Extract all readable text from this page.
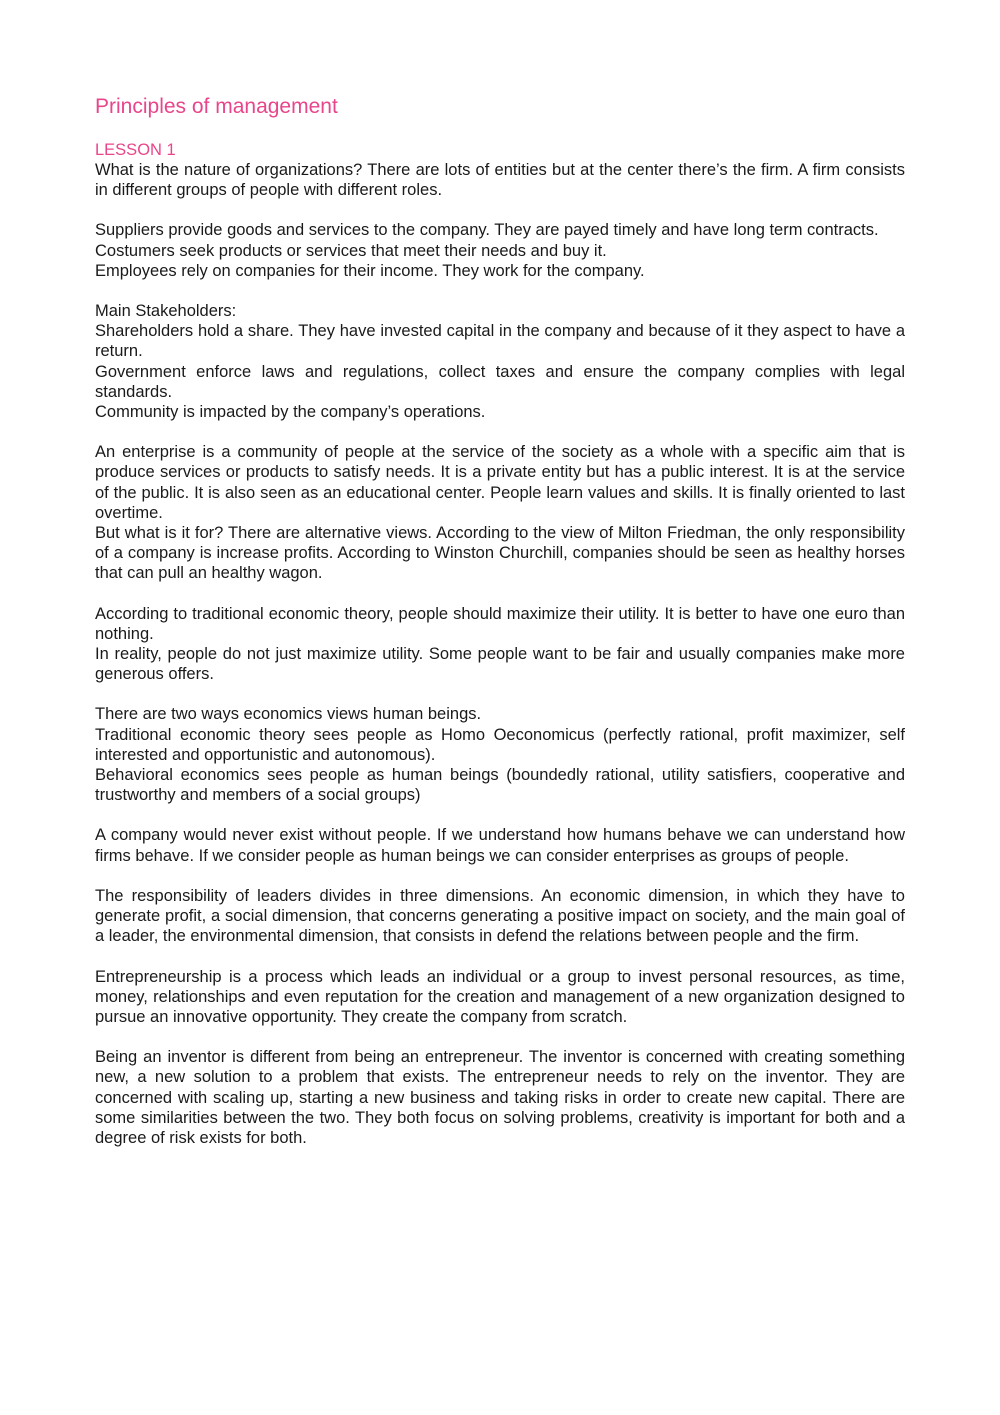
Principles of management
LESSON 1

What is the nature of organizations? There are lots of entities but at the center there’s the firm. A firm consists in different groups of people with different roles.

Suppliers provide goods and services to the company. They are payed timely and have long term contracts.

Costumers seek products or services that meet their needs and buy it.

Employees rely on companies for their income. They work for the company.

Main Stakeholders:

Shareholders hold a share. They have invested capital in the company and because of it they aspect to have a return.

Government enforce laws and regulations, collect taxes and ensure the company complies with legal standards.

Community is impacted by the company’s operations.

An enterprise is a community of people at the service of the society as a whole with a specific aim that is produce services or products to satisfy needs. It is a private entity but has a public interest. It is at the service of the public. It is also seen as an educational center. People learn values and skills. It is finally oriented to last overtime.

But what is it for? There are alternative views. According to the view of Milton Friedman, the only responsibility of a company is increase profits. According to Winston Churchill, companies should be seen as healthy horses that can pull an healthy wagon.

According to traditional economic theory, people should maximize their utility. It is better to have one euro than nothing.

In reality, people do not just maximize utility. Some people want to be fair and usually companies make more generous offers.

There are two ways economics views human beings.

Traditional economic theory sees people as Homo Oeconomicus (perfectly rational, profit maximizer, self interested and opportunistic and autonomous).

Behavioral economics sees people as human beings (boundedly rational, utility satisfiers, cooperative and trustworthy and members of a social groups)

A company would never exist without people. If we understand how humans behave we can understand how firms behave. If we consider people as human beings we can consider enterprises as groups of people.

The responsibility of leaders divides in three dimensions. An economic dimension, in which they have to generate profit, a social dimension, that concerns generating a positive impact on society, and the main goal of a leader, the environmental dimension, that consists in defend the relations between people and the firm.

Entrepreneurship is a process which leads an individual or a group to invest personal resources, as time, money, relationships and even reputation for the creation and management of a new organization designed to pursue an innovative opportunity. They create the company from scratch.

Being an inventor is different from being an entrepreneur. The inventor is concerned with creating something new, a new solution to a problem that exists. The entrepreneur needs to rely on the inventor. They are concerned with scaling up, starting a new business and taking risks in order to create new capital. There are some similarities between the two. They both focus on solving problems, creativity is important for both and a degree of risk exists for both.
